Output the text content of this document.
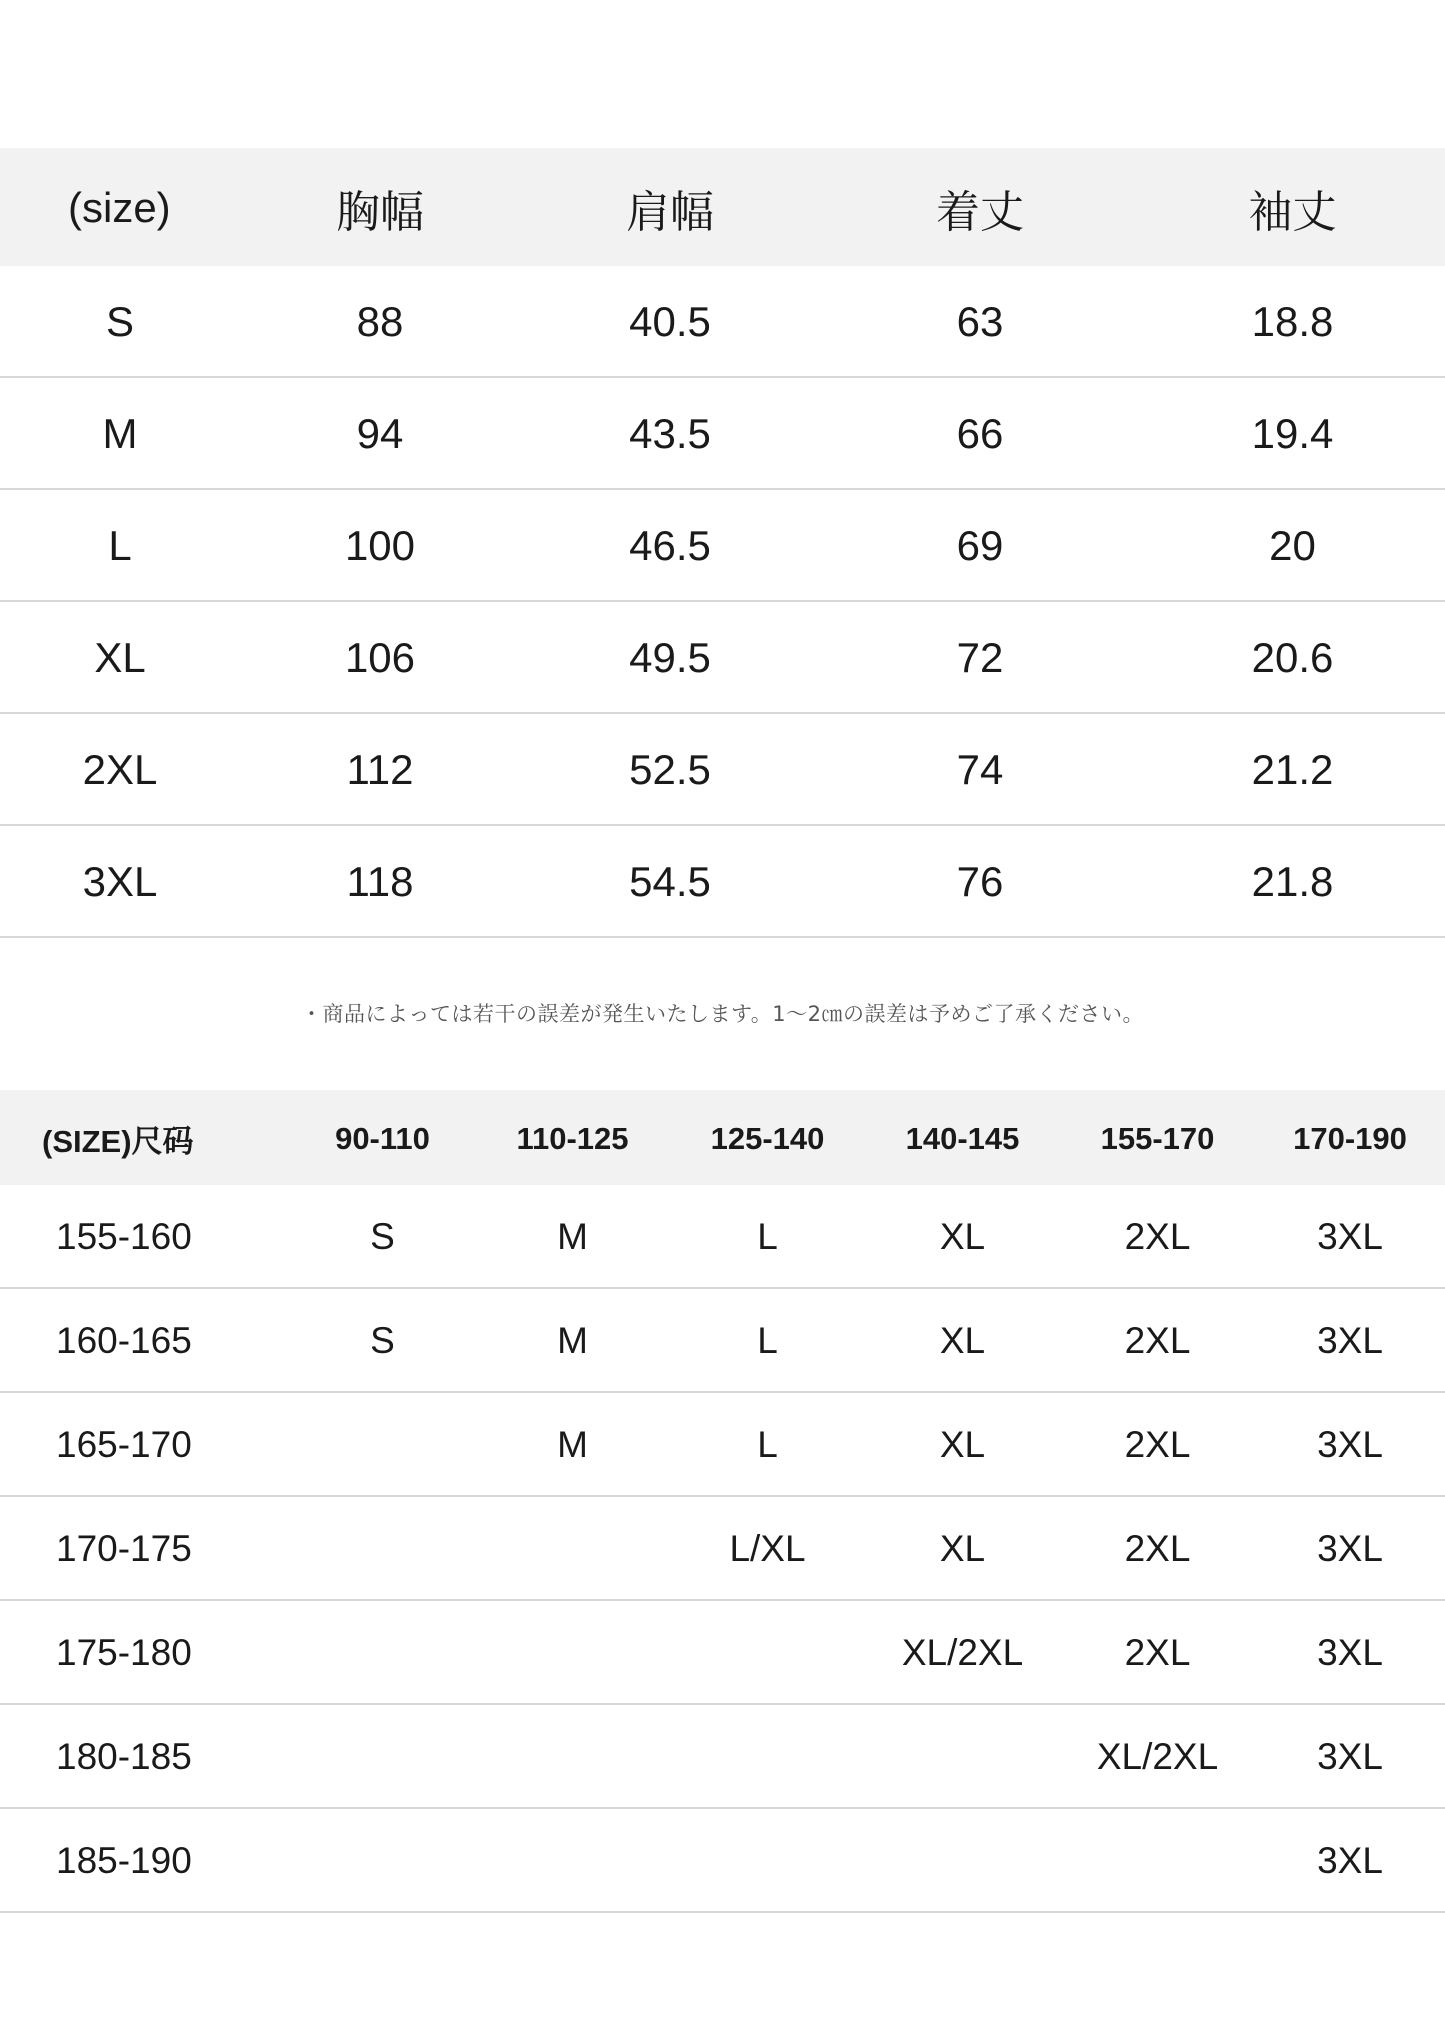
(size)	胸幅	肩幅	着丈	袖丈
S	88	40.5	63	18.8
M	94	43.5	66	19.4
L	100	46.5	69	20
XL	106	49.5	72	20.6
2XL	112	52.5	74	21.2
3XL	118	54.5	76	21.8
・商品によっては若干の誤差が発生いたします。1～2㎝の誤差は予めご了承ください。
(SIZE)尺码	90-110	110-125	125-140	140-145	155-170	170-190
155-160	S	M	L	XL	2XL	3XL
160-165	S	M	L	XL	2XL	3XL
165-170		M	L	XL	2XL	3XL
170-175			L/XL	XL	2XL	3XL
175-180				XL/2XL	2XL	3XL
180-185					XL/2XL	3XL
185-190						3XL
